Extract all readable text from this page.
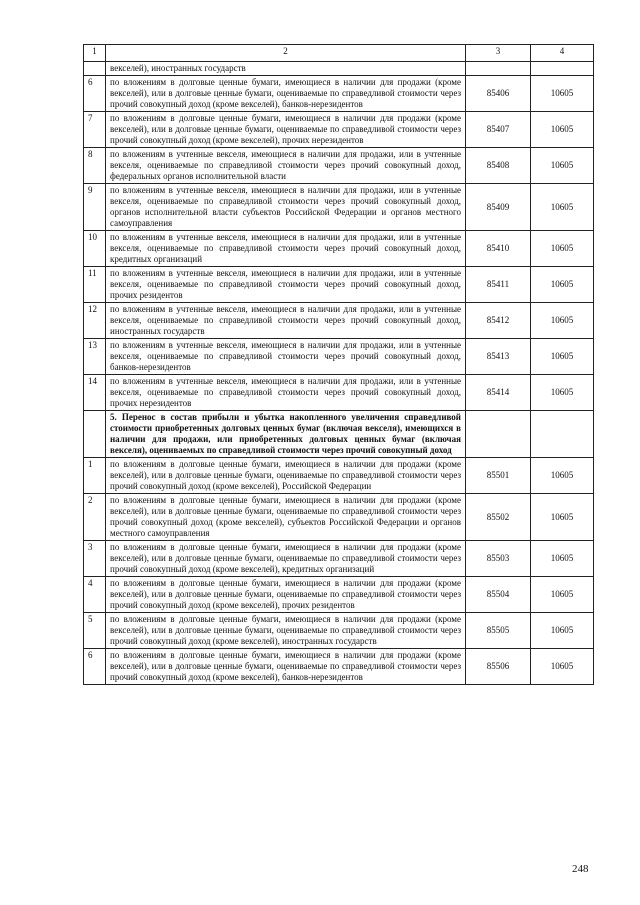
1	2	3	4
	векселей), иностранных государств		
6	по вложениям в долговые ценные бумаги, имеющиеся в наличии для продажи (кроме векселей), или в долговые ценные бумаги, оцениваемые по справедливой стоимости через прочий совокупный доход (кроме векселей), банков-нерезидентов	85406	10605
7	по вложениям в долговые ценные бумаги, имеющиеся в наличии для продажи (кроме векселей), или в долговые ценные бумаги, оцениваемые по справедливой стоимости через прочий совокупный доход (кроме векселей), прочих нерезидентов	85407	10605
8	по вложениям в учтенные векселя, имеющиеся в наличии для продажи, или в учтенные векселя, оцениваемые по справедливой стоимости через прочий совокупный доход, федеральных органов исполнительной власти	85408	10605
9	по вложениям в учтенные векселя, имеющиеся в наличии для продажи, или в учтенные векселя, оцениваемые по справедливой стоимости через прочий совокупный доход, органов исполнительной власти субъектов Российской Федерации и органов местного самоуправления	85409	10605
10	по вложениям в учтенные векселя, имеющиеся в наличии для продажи, или в учтенные векселя, оцениваемые по справедливой стоимости через прочий совокупный доход, кредитных организаций	85410	10605
11	по вложениям в учтенные векселя, имеющиеся в наличии для продажи, или в учтенные векселя, оцениваемые по справедливой стоимости через прочий совокупный доход, прочих резидентов	85411	10605
12	по вложениям в учтенные векселя, имеющиеся в наличии для продажи, или в учтенные векселя, оцениваемые по справедливой стоимости через прочий совокупный доход, иностранных государств	85412	10605
13	по вложениям в учтенные векселя, имеющиеся в наличии для продажи, или в учтенные векселя, оцениваемые по справедливой стоимости через прочий совокупный доход, банков-нерезидентов	85413	10605
14	по вложениям в учтенные векселя, имеющиеся в наличии для продажи, или в учтенные векселя, оцениваемые по справедливой стоимости через прочий совокупный доход, прочих нерезидентов	85414	10605
	5. Перенос в состав прибыли и убытка накопленного увеличения справедливой стоимости приобретенных долговых ценных бумаг (включая векселя), имеющихся в наличии для продажи, или приобретенных долговых ценных бумаг (включая векселя), оцениваемых по справедливой стоимости через прочий совокупный доход		
1	по вложениям в долговые ценные бумаги, имеющиеся в наличии для продажи (кроме векселей), или в долговые ценные бумаги, оцениваемые по справедливой стоимости через прочий совокупный доход (кроме векселей), Российской Федерации	85501	10605
2	по вложениям в долговые ценные бумаги, имеющиеся в наличии для продажи (кроме векселей), или в долговые ценные бумаги, оцениваемые по справедливой стоимости через прочий совокупный доход (кроме векселей), субъектов Российской Федерации и органов местного самоуправления	85502	10605
3	по вложениям в долговые ценные бумаги, имеющиеся в наличии для продажи (кроме векселей), или в долговые ценные бумаги, оцениваемые по справедливой стоимости через прочий совокупный доход (кроме векселей), кредитных организаций	85503	10605
4	по вложениям в долговые ценные бумаги, имеющиеся в наличии для продажи (кроме векселей), или в долговые ценные бумаги, оцениваемые по справедливой стоимости через прочий совокупный доход (кроме векселей), прочих резидентов	85504	10605
5	по вложениям в долговые ценные бумаги, имеющиеся в наличии для продажи (кроме векселей), или в долговые ценные бумаги, оцениваемые по справедливой стоимости через прочий совокупный доход (кроме векселей), иностранных государств	85505	10605
6	по вложениям в долговые ценные бумаги, имеющиеся в наличии для продажи (кроме векселей), или в долговые ценные бумаги, оцениваемые по справедливой стоимости через прочий совокупный доход (кроме векселей), банков-нерезидентов	85506	10605
248
